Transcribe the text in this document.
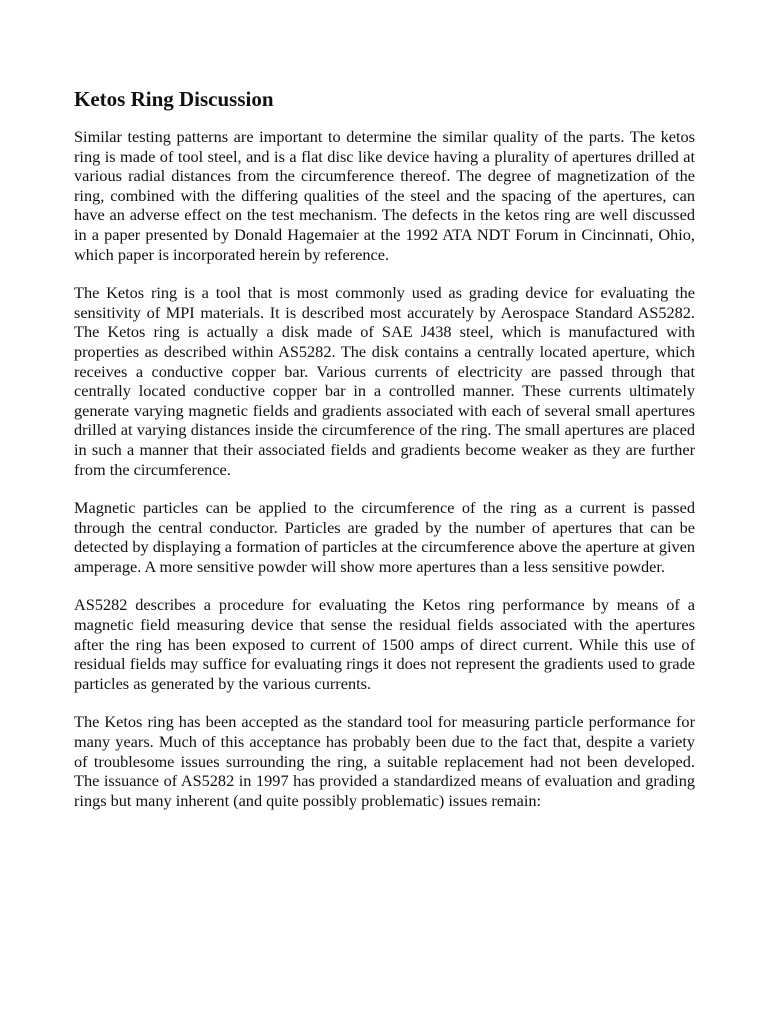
Ketos Ring Discussion

Similar testing patterns are important to determine the similar quality of the parts. The ketos ring is made of tool steel, and is a flat disc like device having a plurality of apertures drilled at various radial distances from the circumference thereof. The degree of magnetization of the ring, combined with the differing qualities of the steel and the spacing of the apertures, can have an adverse effect on the test mechanism. The defects in the ketos ring are well discussed in a paper presented by Donald Hagemaier at the 1992 ATA NDT Forum in Cincinnati, Ohio, which paper is incorporated herein by reference.

The Ketos ring is a tool that is most commonly used as grading device for evaluating the sensitivity of MPI materials. It is described most accurately by Aerospace Standard AS5282. The Ketos ring is actually a disk made of SAE J438 steel, which is manufactured with properties as described within AS5282. The disk contains a centrally located aperture, which receives a conductive copper bar. Various currents of electricity are passed through that centrally located conductive copper bar in a controlled manner. These currents ultimately generate varying magnetic fields and gradients associated with each of several small apertures drilled at varying distances inside the circumference of the ring. The small apertures are placed in such a manner that their associated fields and gradients become weaker as they are further from the circumference.

Magnetic particles can be applied to the circumference of the ring as a current is passed through the central conductor. Particles are graded by the number of apertures that can be detected by displaying a formation of particles at the circumference above the aperture at given amperage. A more sensitive powder will show more apertures than a less sensitive powder.

AS5282 describes a procedure for evaluating the Ketos ring performance by means of a magnetic field measuring device that sense the residual fields associated with the apertures after the ring has been exposed to current of 1500 amps of direct current. While this use of residual fields may suffice for evaluating rings it does not represent the gradients used to grade particles as generated by the various currents.

The Ketos ring has been accepted as the standard tool for measuring particle performance for many years. Much of this acceptance has probably been due to the fact that, despite a variety of troublesome issues surrounding the ring, a suitable replacement had not been developed. The issuance of AS5282 in 1997 has provided a standardized means of evaluation and grading rings but many inherent (and quite possibly problematic) issues remain:
